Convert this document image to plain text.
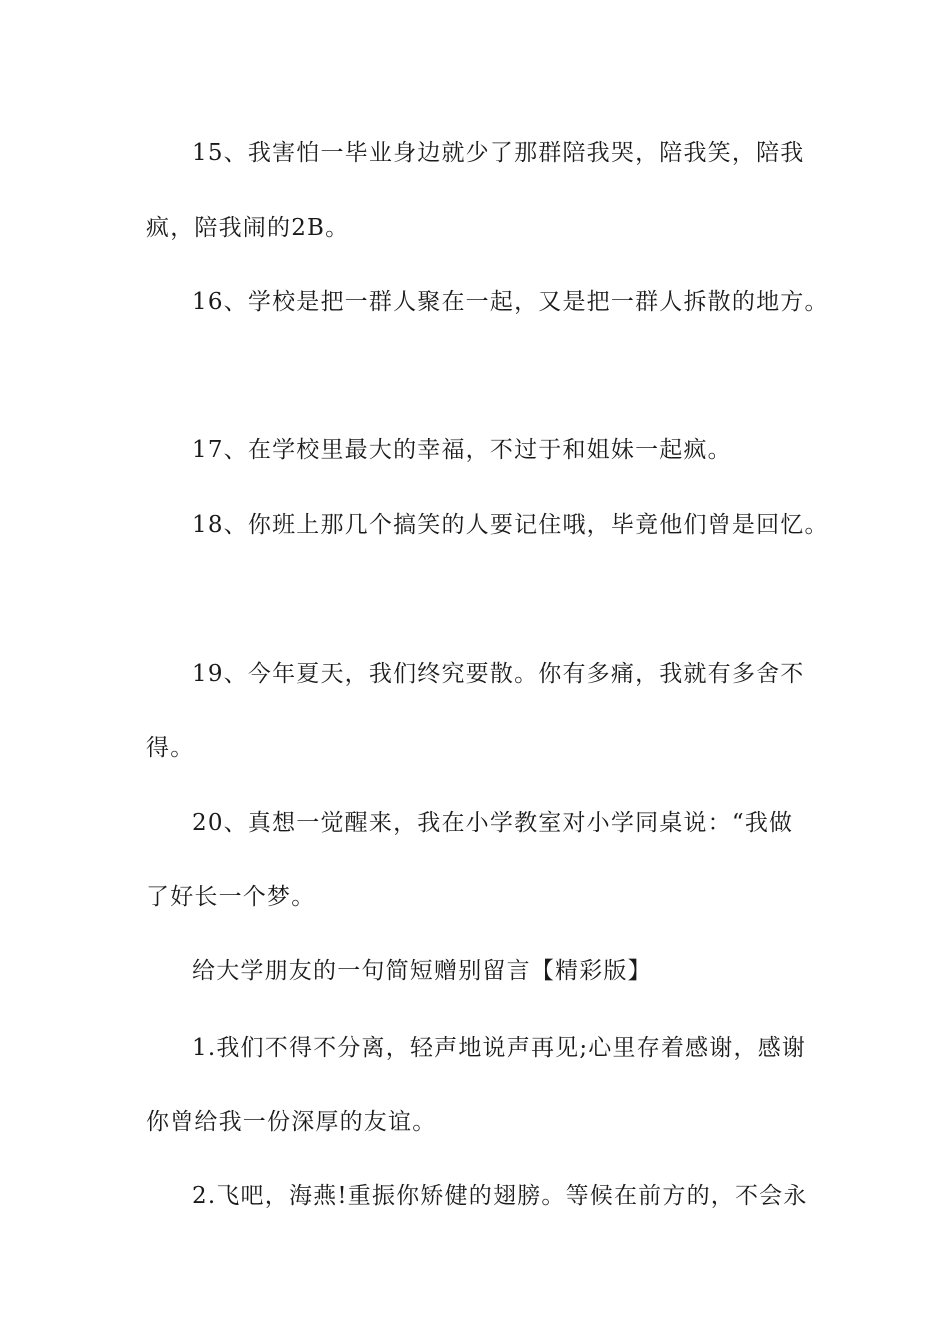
15、我害怕一毕业身边就少了那群陪我哭，陪我笑，陪我
疯，陪我闹的2B。
16、学校是把一群人聚在一起，又是把一群人拆散的地方。
17、在学校里最大的幸福，不过于和姐妹一起疯。
18、你班上那几个搞笑的人要记住哦，毕竟他们曾是回忆。
19、今年夏天，我们终究要散。你有多痛，我就有多舍不
得。
20、真想一觉醒来，我在小学教室对小学同桌说：“我做
了好长一个梦。
给大学朋友的一句简短赠别留言【精彩版】
1.我们不得不分离，轻声地说声再见;心里存着感谢，感谢
你曾给我一份深厚的友谊。
2.飞吧，海燕!重振你矫健的翅膀。等候在前方的，不会永
